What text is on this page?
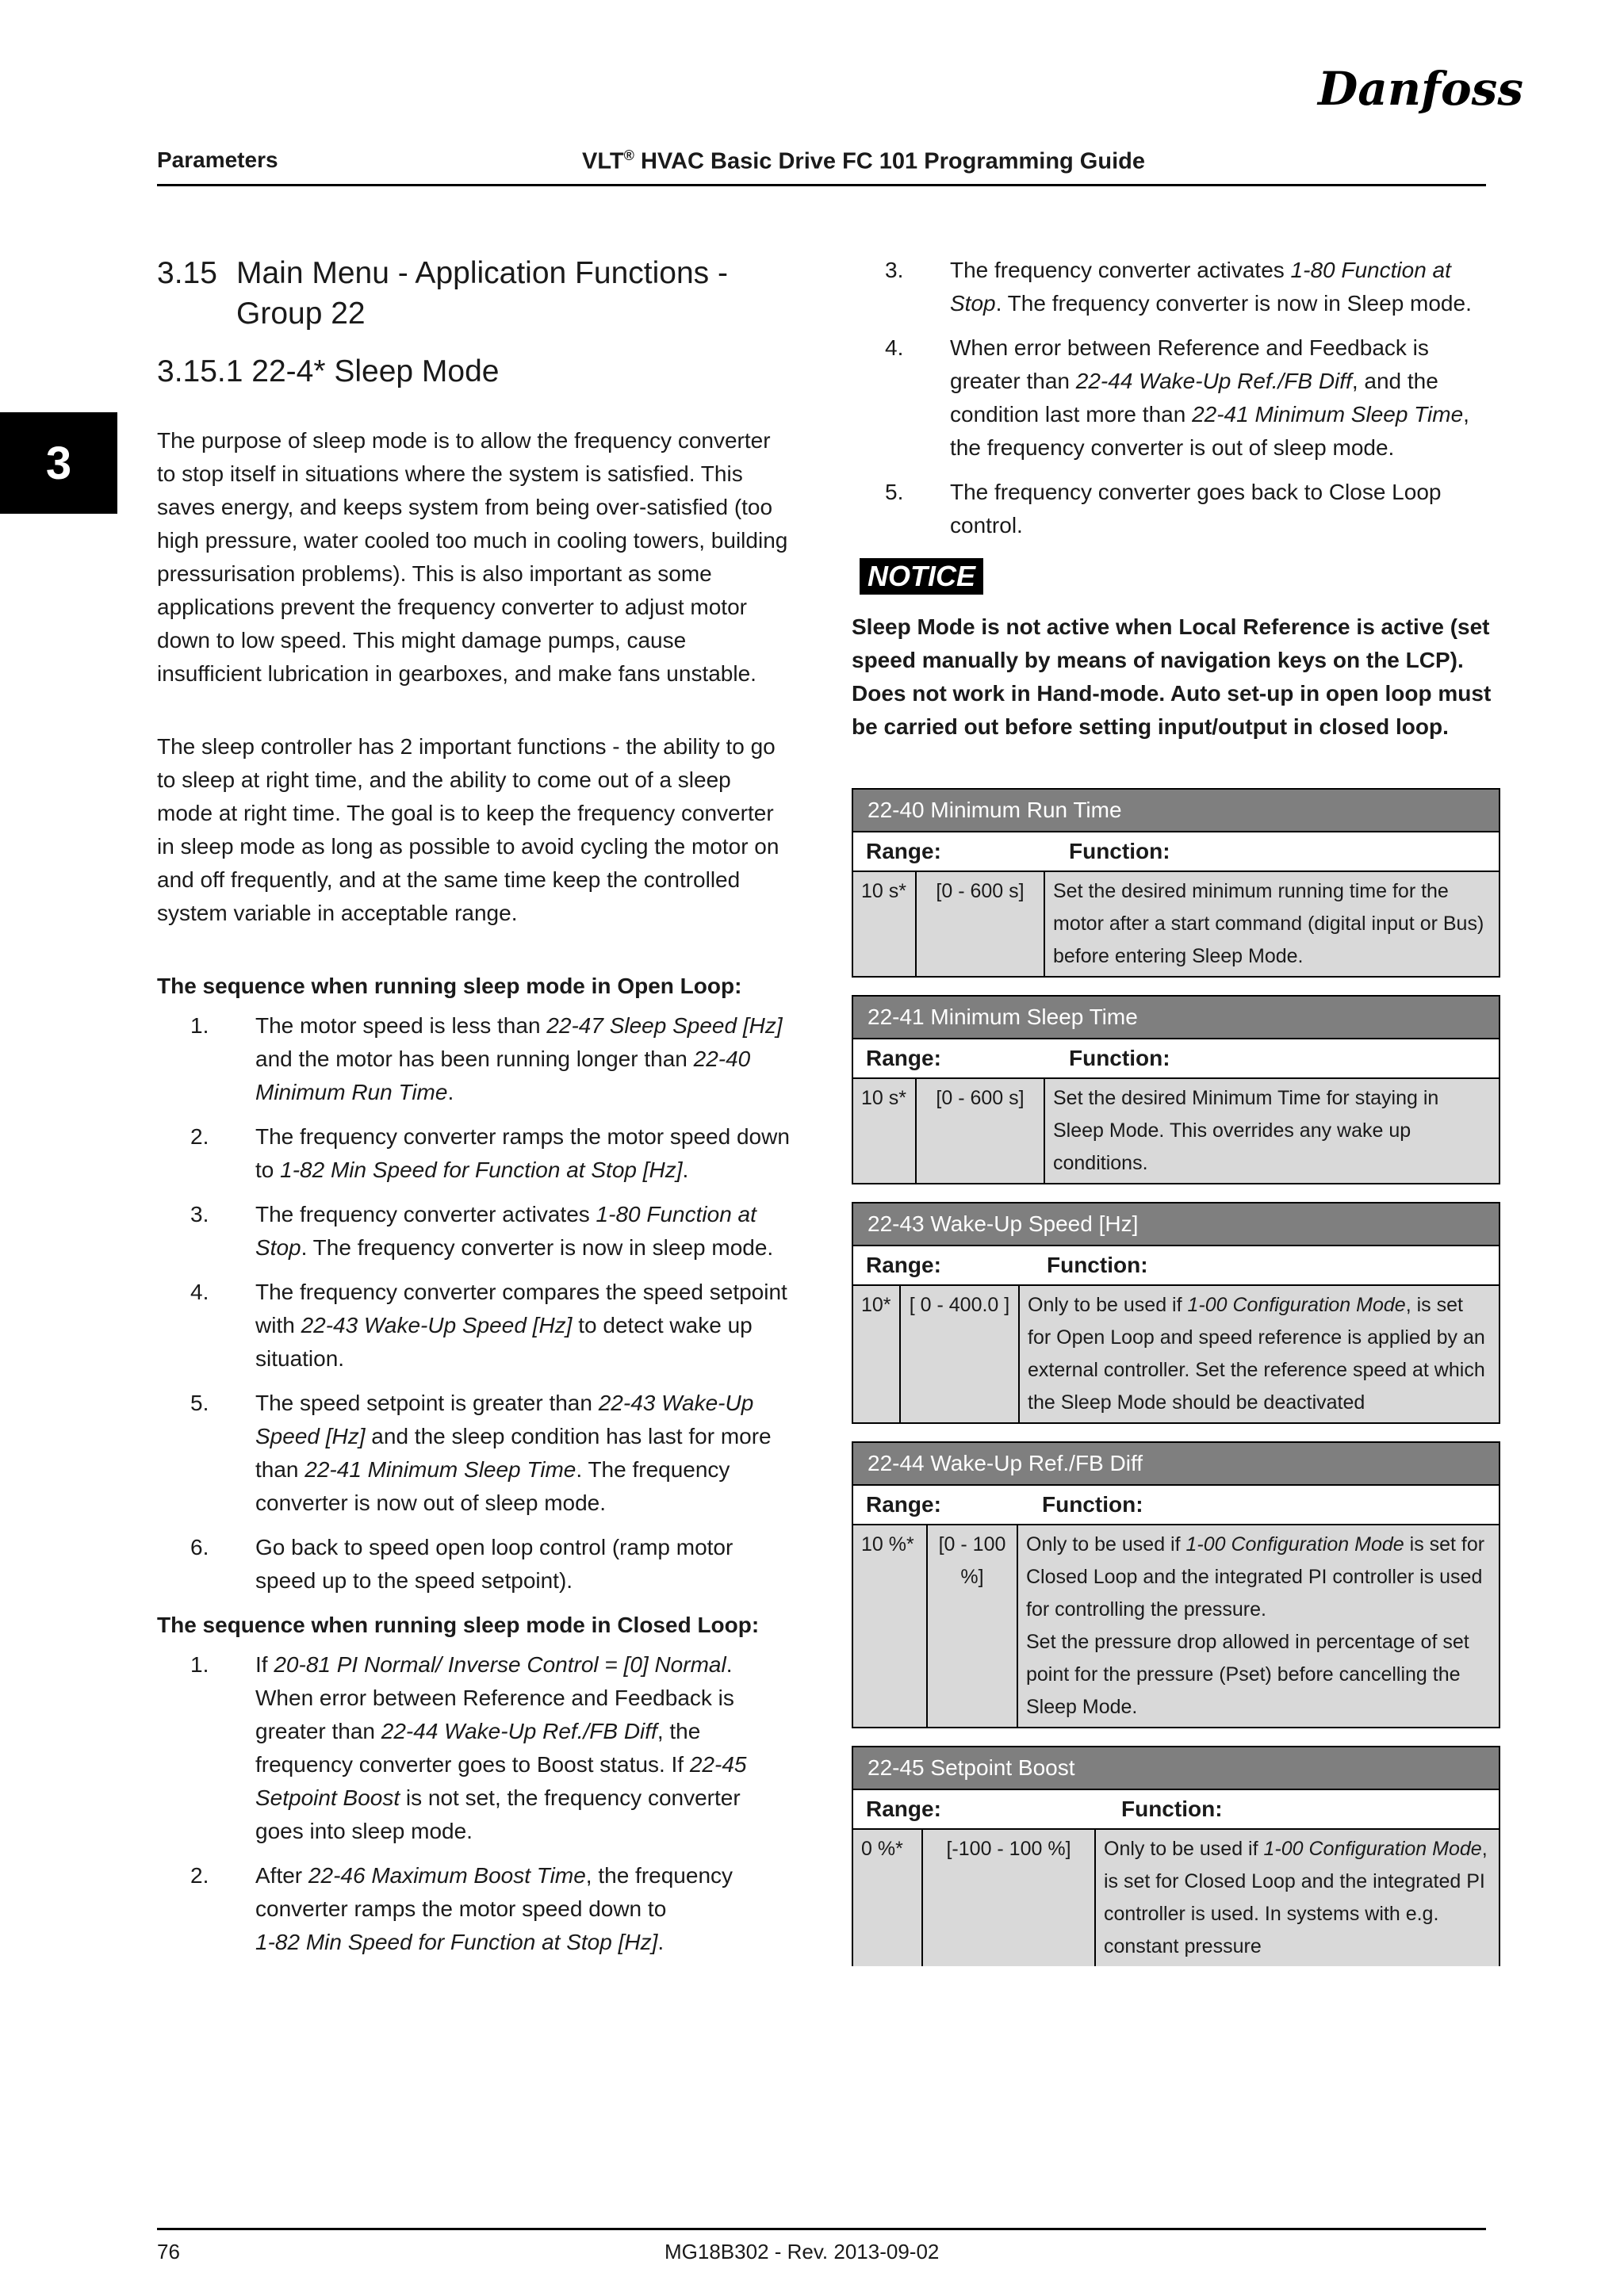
Danfoss
Parameters	VLT® HVAC Basic Drive FC 101 Programming Guide
3
3.15 Main Menu - Application Functions -
Group 22
3.15.1 22-4* Sleep Mode

The purpose of sleep mode is to allow the frequency converter to stop itself in situations where the system is satisfied. This saves energy, and keeps system from being over-satisfied (too high pressure, water cooled too much in cooling towers, building pressurisation problems). This is also important as some applications prevent the frequency converter to adjust motor down to low speed. This might damage pumps, cause insufficient lubrication in gearboxes, and make fans unstable.

The sleep controller has 2 important functions - the ability to go to sleep at right time, and the ability to come out of a sleep mode at right time. The goal is to keep the frequency converter in sleep mode as long as possible to avoid cycling the motor on and off frequently, and at the same time keep the controlled system variable in acceptable range.

The sequence when running sleep mode in Open Loop:
1. The motor speed is less than 22-47 Sleep Speed [Hz] and the motor has been running longer than 22-40 Minimum Run Time.
2. The frequency converter ramps the motor speed down to 1-82 Min Speed for Function at Stop [Hz].
3. The frequency converter activates 1-80 Function at Stop. The frequency converter is now in sleep mode.
4. The frequency converter compares the speed setpoint with 22-43 Wake-Up Speed [Hz] to detect wake up situation.
5. The speed setpoint is greater than 22-43 Wake-Up Speed [Hz] and the sleep condition has last for more than 22-41 Minimum Sleep Time. The frequency converter is now out of sleep mode.
6. Go back to speed open loop control (ramp motor speed up to the speed setpoint).
The sequence when running sleep mode in Closed Loop:
1. If 20-81 PI Normal/ Inverse Control = [0] Normal. When error between Reference and Feedback is greater than 22-44 Wake-Up Ref./FB Diff, the frequency converter goes to Boost status. If 22-45 Setpoint Boost is not set, the frequency converter goes into sleep mode.
2. After 22-46 Maximum Boost Time, the frequency converter ramps the motor speed down to
1-82 Min Speed for Function at Stop [Hz].
3. The frequency converter activates 1-80 Function at Stop. The frequency converter is now in Sleep mode.
4. When error between Reference and Feedback is greater than 22-44 Wake-Up Ref./FB Diff, and the condition last more than 22-41 Minimum Sleep Time, the frequency converter is out of sleep mode.
5. The frequency converter goes back to Close Loop control.
NOTICE
Sleep Mode is not active when Local Reference is active (set speed manually by means of navigation keys on the LCP).
Does not work in Hand-mode. Auto set-up in open loop must be carried out before setting input/output in closed loop.
22-40 Minimum Run Time
Range:	Function:
10 s*	[0 - 600 s]	Set the desired minimum running time for the motor after a start command (digital input or Bus) before entering Sleep Mode.
22-41 Minimum Sleep Time
Range:	Function:
10 s*	[0 - 600 s]	Set the desired Minimum Time for staying in Sleep Mode. This overrides any wake up conditions.
22-43 Wake-Up Speed [Hz]
Range:	Function:
10*	[ 0 - 400.0 ]	Only to be used if 1-00 Configuration Mode, is set for Open Loop and speed reference is applied by an external controller. Set the reference speed at which the Sleep Mode should be deactivated
22-44 Wake-Up Ref./FB Diff
Range:	Function:
10 %*	[0 - 100 %]	Only to be used if 1-00 Configuration Mode is set for Closed Loop and the integrated PI controller is used for controlling the pressure.
Set the pressure drop allowed in percentage of set point for the pressure (Pset) before cancelling the Sleep Mode.
22-45 Setpoint Boost
Range:	Function:
0 %*	[-100 - 100 %]	Only to be used if 1-00 Configuration Mode, is set for Closed Loop and the integrated PI controller is used. In systems with e.g. constant pressure
76	MG18B302 - Rev. 2013-09-02
